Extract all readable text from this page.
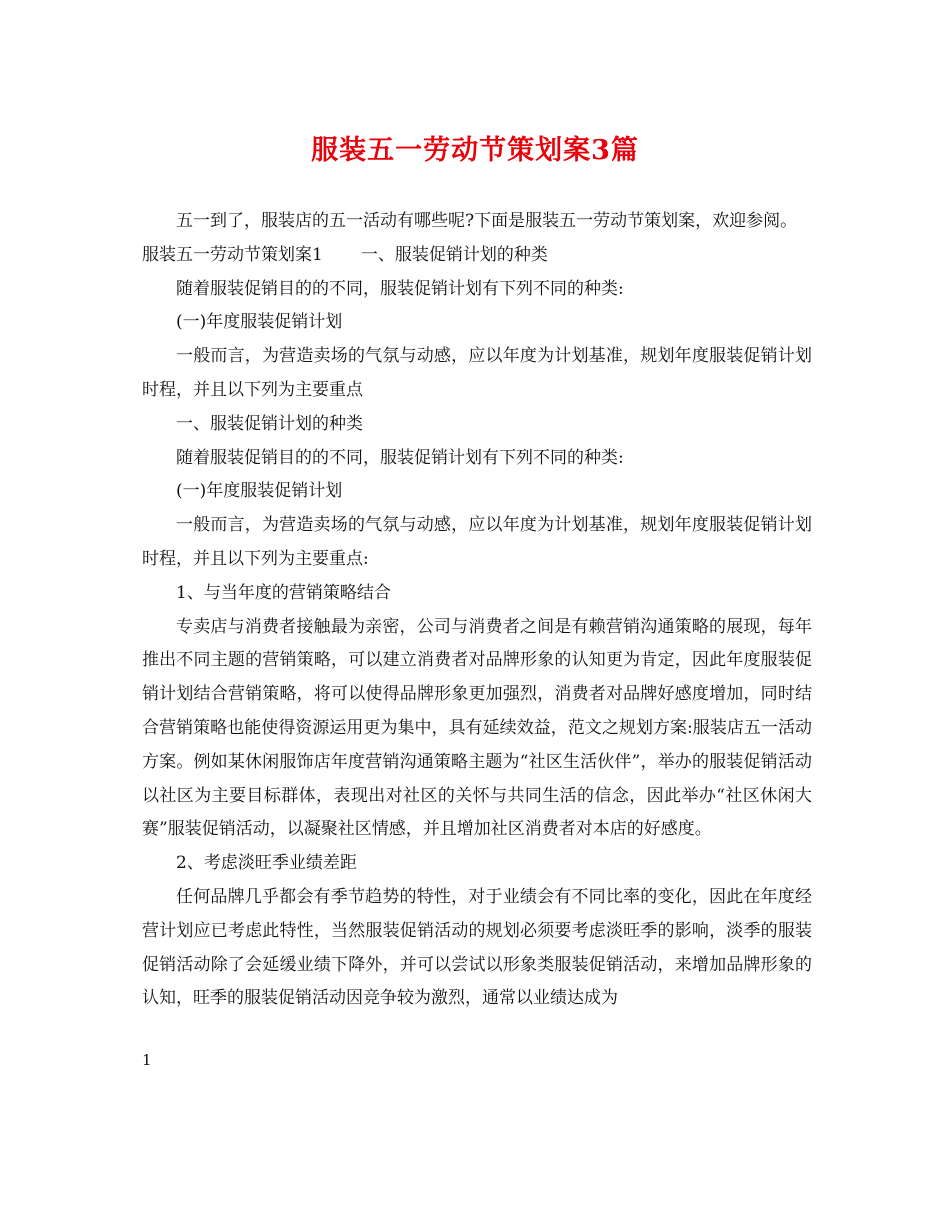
服装五一劳动节策划案3篇

五一到了，服装店的五一活动有哪些呢?下面是服装五一劳动节策划案，欢迎参阅。

服装五一劳动节策划案1 一、服装促销计划的种类

随着服装促销目的的不同，服装促销计划有下列不同的种类:

(一)年度服装促销计划

一般而言，为营造卖场的气氛与动感，应以年度为计划基准，规划年度服装促销计划时程，并且以下列为主要重点

一、服装促销计划的种类

随着服装促销目的的不同，服装促销计划有下列不同的种类:

(一)年度服装促销计划

一般而言，为营造卖场的气氛与动感，应以年度为计划基准，规划年度服装促销计划时程，并且以下列为主要重点:

1、与当年度的营销策略结合

专卖店与消费者接触最为亲密，公司与消费者之间是有赖营销沟通策略的展现，每年推出不同主题的营销策略，可以建立消费者对品牌形象的认知更为肯定，因此年度服装促销计划结合营销策略，将可以使得品牌形象更加强烈，消费者对品牌好感度增加，同时结合营销策略也能使得资源运用更为集中，具有延续效益，范文之规划方案:服装店五一活动方案。例如某休闲服饰店年度营销沟通策略主题为“社区生活伙伴”，举办的服装促销活动以社区为主要目标群体，表现出对社区的关怀与共同生活的信念，因此举办“社区休闲大赛”服装促销活动，以凝聚社区情感，并且增加社区消费者对本店的好感度。

2、考虑淡旺季业绩差距

任何品牌几乎都会有季节趋势的特性，对于业绩会有不同比率的变化，因此在年度经营计划应已考虑此特性，当然服装促销活动的规划必须要考虑淡旺季的影响，淡季的服装促销活动除了会延缓业绩下降外，并可以尝试以形象类服装促销活动，来增加品牌形象的认知，旺季的服装促销活动因竞争较为激烈，通常以业绩达成为

1
